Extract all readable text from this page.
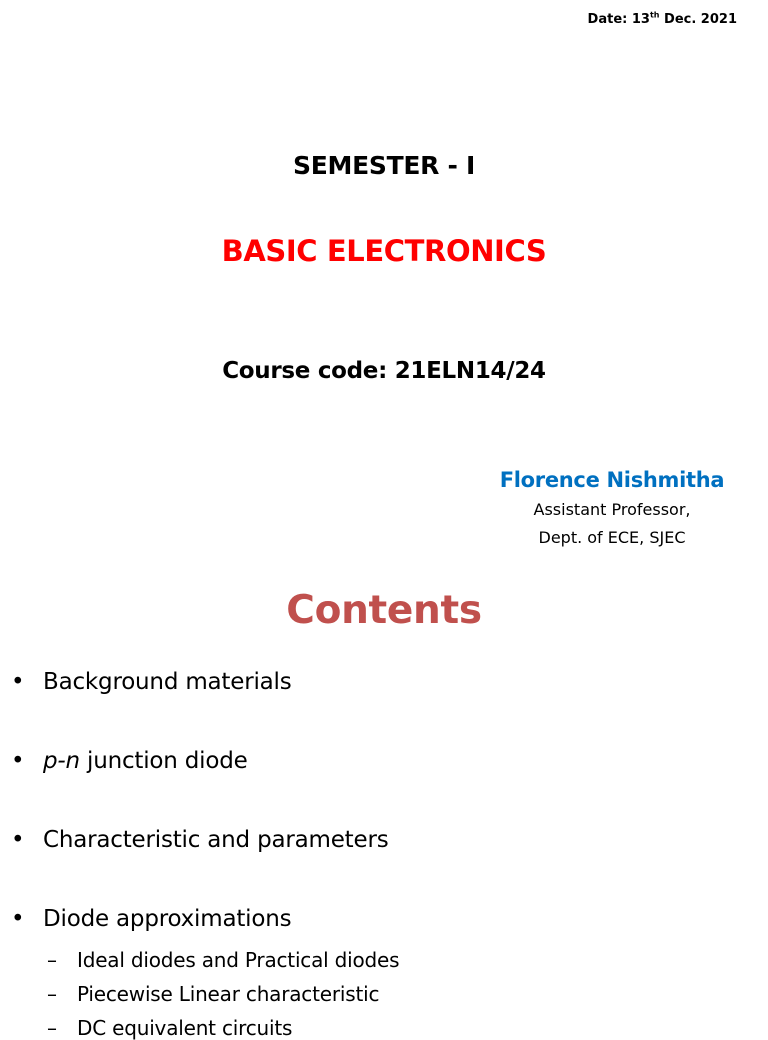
Date: 13th Dec. 2021
SEMESTER - I
BASIC ELECTRONICS
Course code: 21ELN14/24
Florence Nishmitha
Assistant Professor,
Dept. of ECE, SJEC
Contents
• Background materials
• p-n junction diode
• Characteristic and parameters
• Diode approximations
– Ideal diodes and Practical diodes
– Piecewise Linear characteristic
– DC equivalent circuits
